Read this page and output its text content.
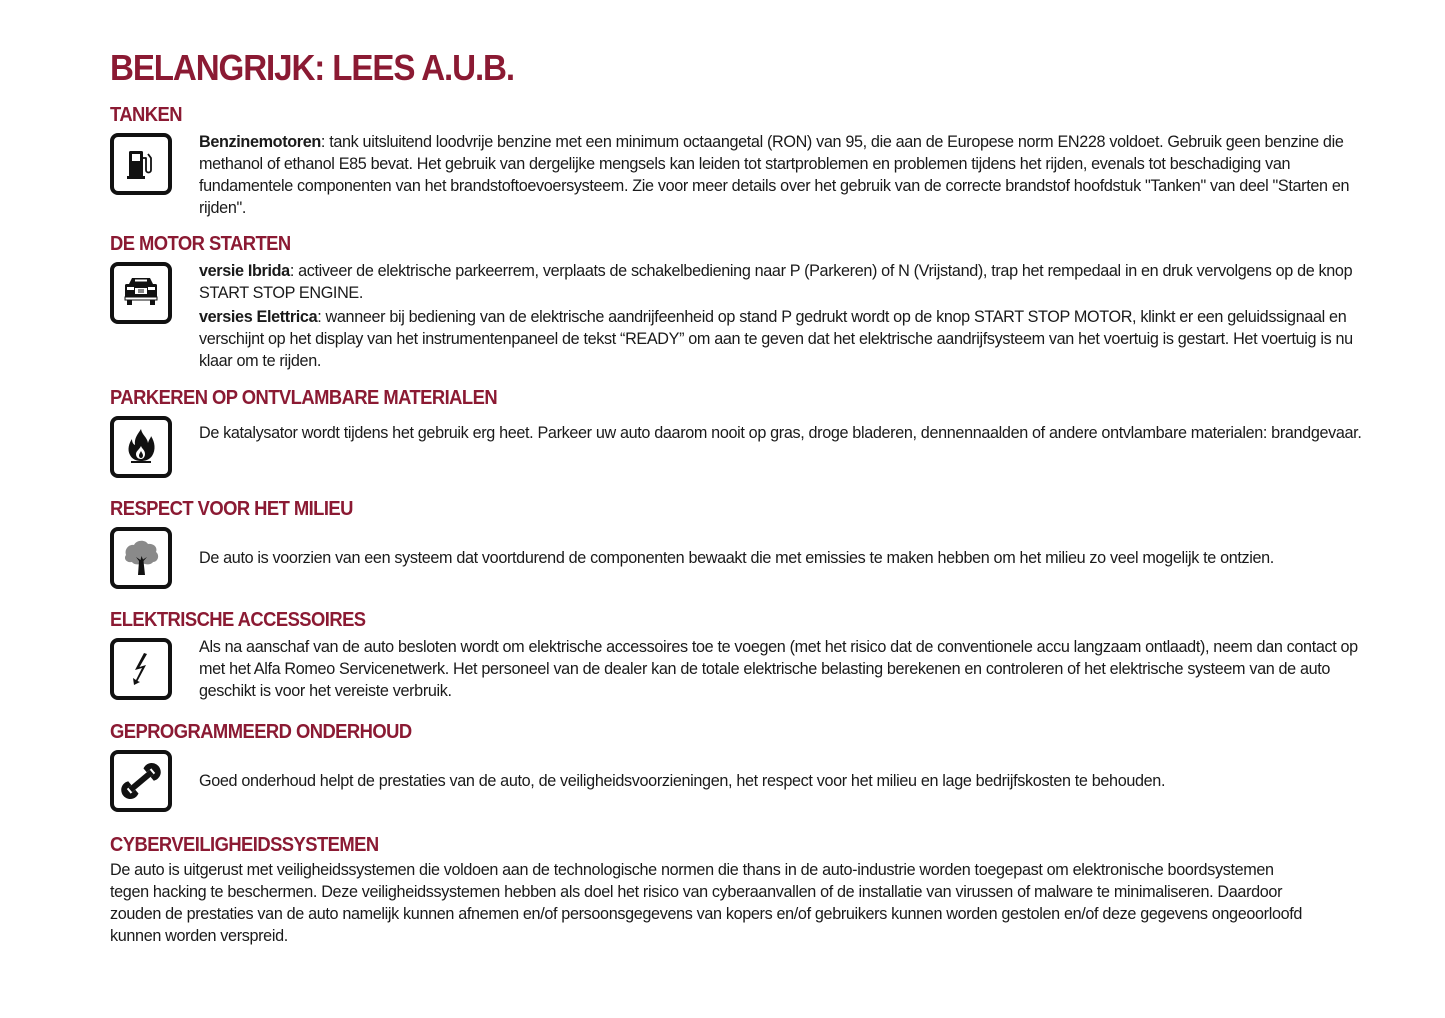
BELANGRIJK: LEES A.U.B.
TANKEN

Benzinemotoren: tank uitsluitend loodvrije benzine met een minimum octaangetal (RON) van 95, die aan de Europese norm EN228 voldoet. Gebruik geen benzine die methanol of ethanol E85 bevat. Het gebruik van dergelijke mengsels kan leiden tot startproblemen en problemen tijdens het rijden, evenals tot beschadiging van fundamentele componenten van het brandstoftoevoersysteem. Zie voor meer details over het gebruik van de correcte brandstof hoofdstuk "Tanken" van deel "Starten en rijden".

DE MOTOR STARTEN

versie Ibrida: activeer de elektrische parkeerrem, verplaats de schakelbediening naar P (Parkeren) of N (Vrijstand), trap het rempedaal in en druk vervolgens op de knop START STOP ENGINE.

versies Elettrica: wanneer bij bediening van de elektrische aandrijfeenheid op stand P gedrukt wordt op de knop START STOP MOTOR, klinkt er een geluidssignaal en verschijnt op het display van het instrumentenpaneel de tekst “READY” om aan te geven dat het elektrische aandrijfsysteem van het voertuig is gestart. Het voertuig is nu klaar om te rijden.

PARKEREN OP ONTVLAMBARE MATERIALEN

De katalysator wordt tijdens het gebruik erg heet. Parkeer uw auto daarom nooit op gras, droge bladeren, dennennaalden of andere ontvlambare materialen: brandgevaar.

RESPECT VOOR HET MILIEU

De auto is voorzien van een systeem dat voortdurend de componenten bewaakt die met emissies te maken hebben om het milieu zo veel mogelijk te ontzien.

ELEKTRISCHE ACCESSOIRES

Als na aanschaf van de auto besloten wordt om elektrische accessoires toe te voegen (met het risico dat de conventionele accu langzaam ontlaadt), neem dan contact op met het Alfa Romeo Servicenetwerk. Het personeel van de dealer kan de totale elektrische belasting berekenen en controleren of het elektrische systeem van de auto geschikt is voor het vereiste verbruik.

GEPROGRAMMEERD ONDERHOUD

Goed onderhoud helpt de prestaties van de auto, de veiligheidsvoorzieningen, het respect voor het milieu en lage bedrijfskosten te behouden.

CYBERVEILIGHEIDSSYSTEMEN

De auto is uitgerust met veiligheidssystemen die voldoen aan de technologische normen die thans in de auto-industrie worden toegepast om elektronische boordsystemen tegen hacking te beschermen. Deze veiligheidssystemen hebben als doel het risico van cyberaanvallen of de installatie van virussen of malware te minimaliseren. Daardoor zouden de prestaties van de auto namelijk kunnen afnemen en/of persoonsgegevens van kopers en/of gebruikers kunnen worden gestolen en/of deze gegevens ongeoorloofd kunnen worden verspreid.
